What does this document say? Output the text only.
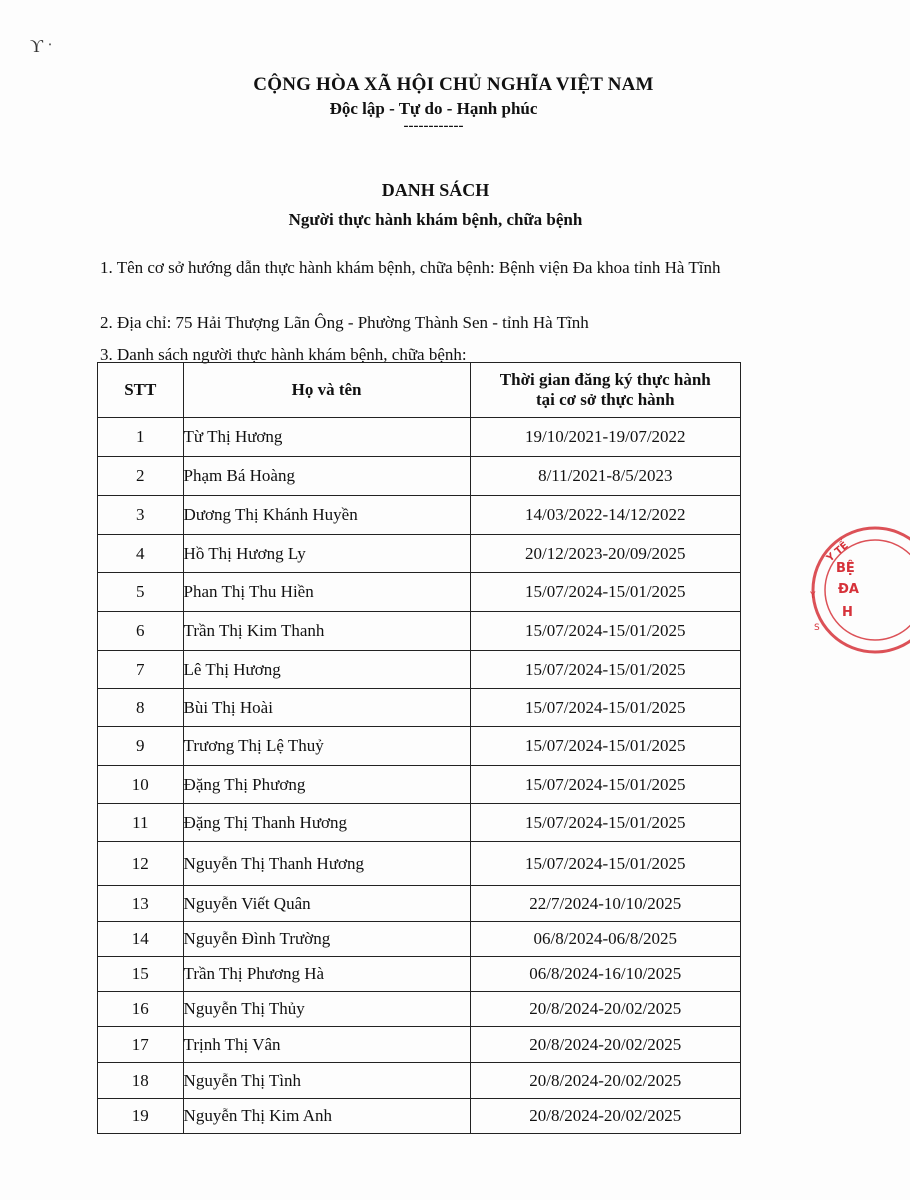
ϒ ˑ
CỘNG HÒA XÃ HỘI CHỦ NGHĨA VIỆT NAM
Độc lập - Tự do - Hạnh phúc
------------
DANH SÁCH
Người thực hành khám bệnh, chữa bệnh
1. Tên cơ sở hướng dẫn thực hành khám bệnh, chữa bệnh: Bệnh viện Đa khoa tỉnh Hà Tĩnh
2. Địa chỉ: 75 Hải Thượng Lãn Ông - Phường Thành Sen - tỉnh Hà Tĩnh
3. Danh sách người thực hành khám bệnh, chữa bệnh:
STT	Họ và tên	Thời gian đăng ký thực hành
tại cơ sở thực hành

1	Từ Thị Hương	19/10/2021-19/07/2022
2	Phạm Bá Hoàng	8/11/2021-8/5/2023
3	Dương Thị Khánh Huyền	14/03/2022-14/12/2022
4	Hồ Thị Hương Ly	20/12/2023-20/09/2025
5	Phan Thị Thu Hiền	15/07/2024-15/01/2025
6	Trần Thị Kim Thanh	15/07/2024-15/01/2025
7	Lê Thị Hương	15/07/2024-15/01/2025
8	Bùi Thị Hoài	15/07/2024-15/01/2025
9	Trương Thị Lệ Thuỷ	15/07/2024-15/01/2025
10	Đặng Thị Phương	15/07/2024-15/01/2025
11	Đặng Thị Thanh Hương	15/07/2024-15/01/2025
12	Nguyễn Thị Thanh Hương	15/07/2024-15/01/2025
13	Nguyễn Viết Quân	22/7/2024-10/10/2025
14	Nguyễn Đình Trường	06/8/2024-06/8/2025
15	Trần Thị Phương Hà	06/8/2024-16/10/2025
16	Nguyễn Thị Thủy	20/8/2024-20/02/2025
17	Trịnh Thị Vân	20/8/2024-20/02/2025
18	Nguyễn Thị Tình	20/8/2024-20/02/2025
19	Nguyễn Thị Kim Anh	20/8/2024-20/02/2025
Y TẾ
BỆ
ĐA
H
Y
S
